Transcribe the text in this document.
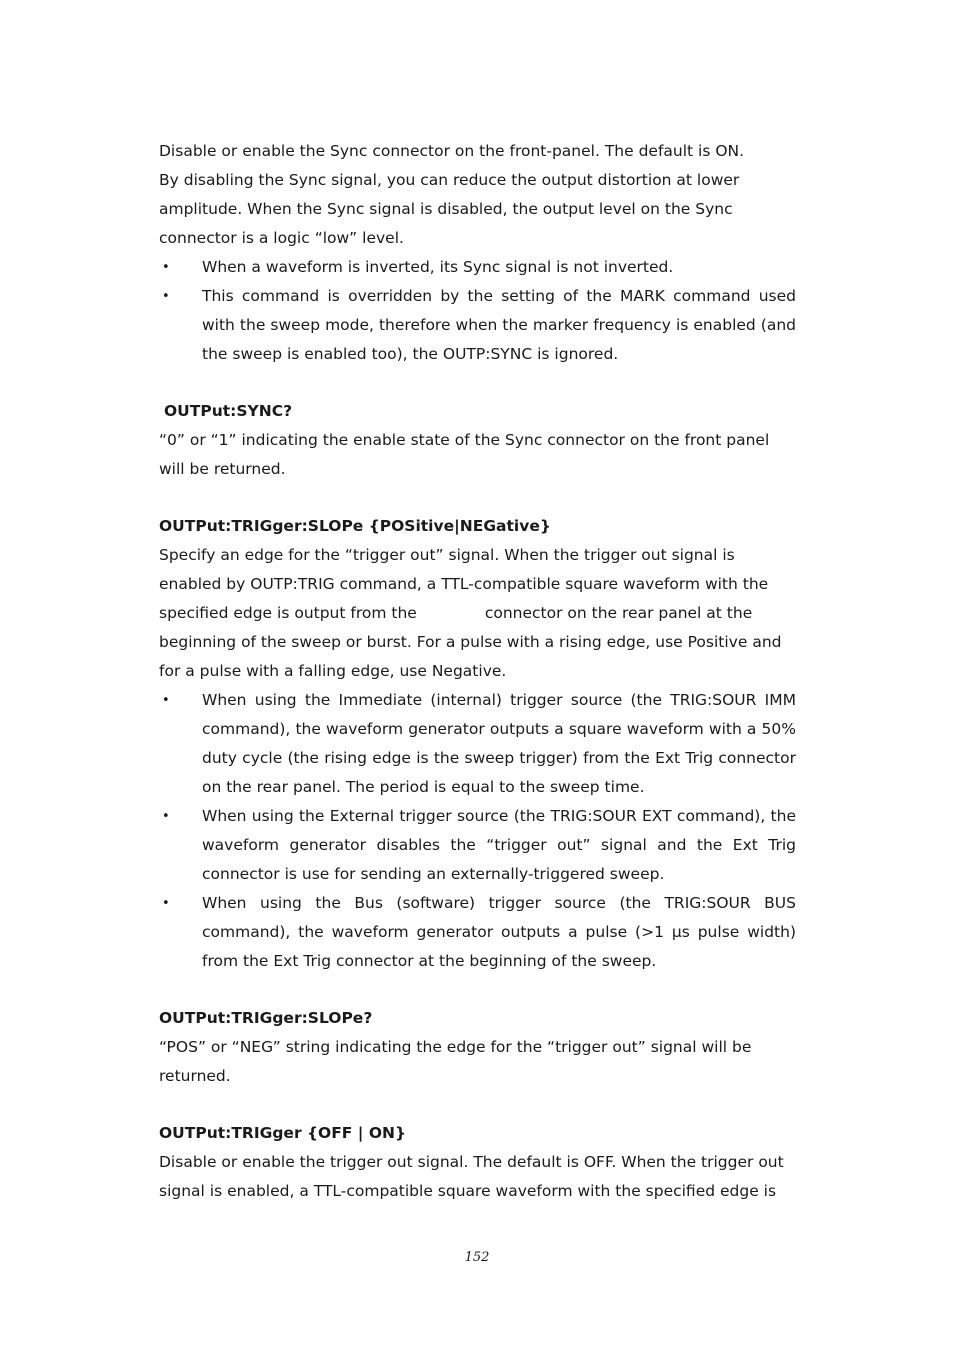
Disable or enable the Sync connector on the front-panel. The default is ON.

By disabling the Sync signal, you can reduce the output distortion at lower

amplitude. When the Sync signal is disabled, the output level on the Sync

connector is a logic “low” level.

• When a waveform is inverted, its Sync signal is not inverted.
• This command is overridden by the setting of the MARK command used with the sweep mode, therefore when the marker frequency is enabled (and the sweep is enabled too), the OUTP:SYNC is ignored.

OUTPut:SYNC?

“0” or “1” indicating the enable state of the Sync connector on the front panel

will be returned.

OUTPut:TRIGger:SLOPe {POSitive|NEGative}

Specify an edge for the “trigger out” signal. When the trigger out signal is

enabled by OUTP:TRIG command, a TTL-compatible square waveform with the

specified edge is output from the	connector on the rear panel at the

beginning of the sweep or burst. For a pulse with a rising edge, use Positive and

for a pulse with a falling edge, use Negative.

• When using the Immediate (internal) trigger source (the TRIG:SOUR IMM command), the waveform generator outputs a square waveform with a 50% duty cycle (the rising edge is the sweep trigger) from the Ext Trig connector on the rear panel. The period is equal to the sweep time.
• When using the External trigger source (the TRIG:SOUR EXT command), the waveform generator disables the “trigger out” signal and the Ext Trig connector is use for sending an externally-triggered sweep.
• When using the Bus (software) trigger source (the TRIG:SOUR BUS command), the waveform generator outputs a pulse (>1 µs pulse width) from the Ext Trig connector at the beginning of the sweep.

OUTPut:TRIGger:SLOPe?

“POS” or “NEG” string indicating the edge for the “trigger out” signal will be

returned.

OUTPut:TRIGger {OFF | ON}

Disable or enable the trigger out signal. The default is OFF. When the trigger out

signal is enabled, a TTL-compatible square waveform with the specified edge is

152
